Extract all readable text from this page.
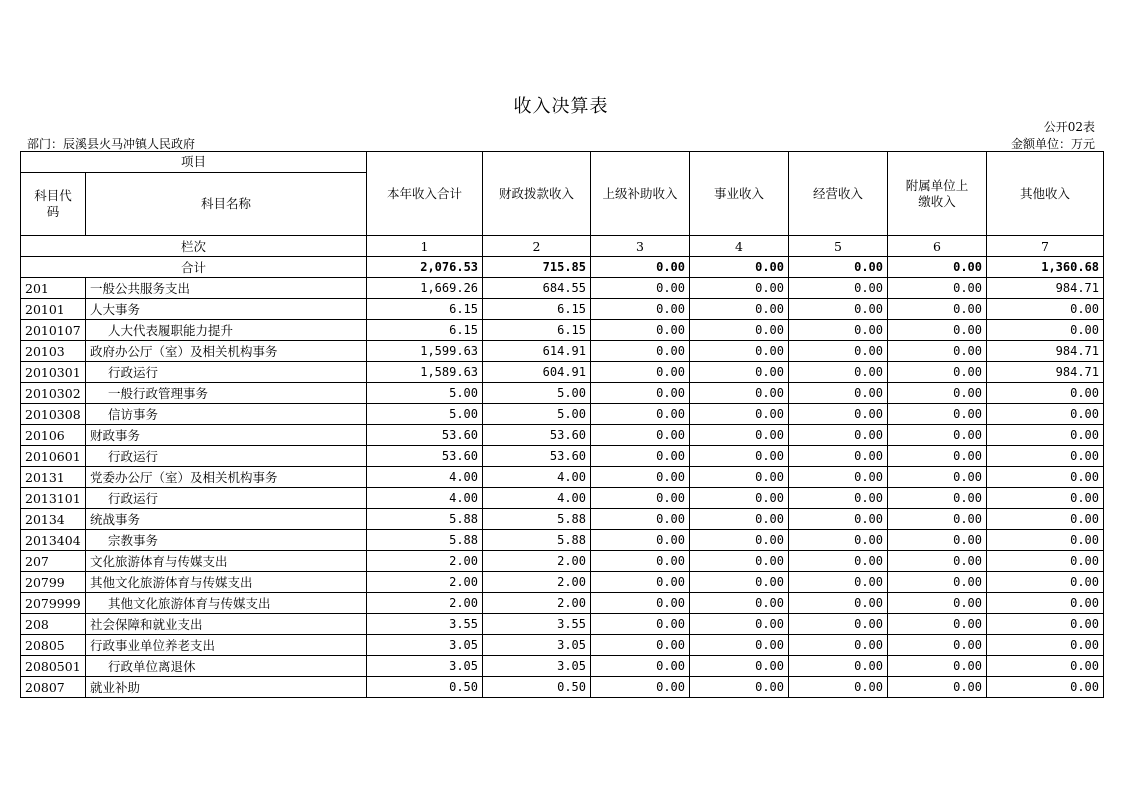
收入决算表
公开02表
部门：辰溪县火马冲镇人民政府	金额单位：万元
项目		本年收入合计	财政拨款收入	上级补助收入	事业收入	经营收入	附属单位上缴收入	其他收入
科目代码	科目名称							
栏次		1	2	3	4	5	6	7
合计		2,076.53	715.85	0.00	0.00	0.00	0.00	1,360.68
201	一般公共服务支出	1,669.26	684.55	0.00	0.00	0.00	0.00	984.71
20101	人大事务	6.15	6.15	0.00	0.00	0.00	0.00	0.00
2010107	人大代表履职能力提升	6.15	6.15	0.00	0.00	0.00	0.00	0.00
20103	政府办公厅（室）及相关机构事务	1,599.63	614.91	0.00	0.00	0.00	0.00	984.71
2010301	行政运行	1,589.63	604.91	0.00	0.00	0.00	0.00	984.71
2010302	一般行政管理事务	5.00	5.00	0.00	0.00	0.00	0.00	0.00
2010308	信访事务	5.00	5.00	0.00	0.00	0.00	0.00	0.00
20106	财政事务	53.60	53.60	0.00	0.00	0.00	0.00	0.00
2010601	行政运行	53.60	53.60	0.00	0.00	0.00	0.00	0.00
20131	党委办公厅（室）及相关机构事务	4.00	4.00	0.00	0.00	0.00	0.00	0.00
2013101	行政运行	4.00	4.00	0.00	0.00	0.00	0.00	0.00
20134	统战事务	5.88	5.88	0.00	0.00	0.00	0.00	0.00
2013404	宗教事务	5.88	5.88	0.00	0.00	0.00	0.00	0.00
207	文化旅游体育与传媒支出	2.00	2.00	0.00	0.00	0.00	0.00	0.00
20799	其他文化旅游体育与传媒支出	2.00	2.00	0.00	0.00	0.00	0.00	0.00
2079999	其他文化旅游体育与传媒支出	2.00	2.00	0.00	0.00	0.00	0.00	0.00
208	社会保障和就业支出	3.55	3.55	0.00	0.00	0.00	0.00	0.00
20805	行政事业单位养老支出	3.05	3.05	0.00	0.00	0.00	0.00	0.00
2080501	行政单位离退休	3.05	3.05	0.00	0.00	0.00	0.00	0.00
20807	就业补助	0.50	0.50	0.00	0.00	0.00	0.00	0.00
